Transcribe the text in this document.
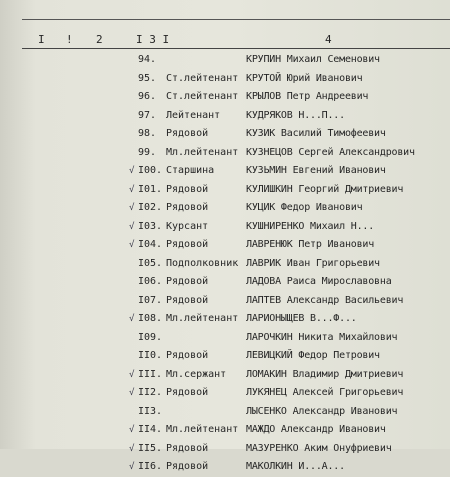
I ! 2	I 3 I	4
94.	КРУПИН Михаил Семенович
95. Ст.лейтенант КРУТОЙ Юрий Иванович
96. Ст.лейтенант КРЫЛОВ Петр Андреевич
97. Лейтенант	КУДРЯКОВ Н...П...
98. Рядовой	КУЗИК Василий Тимофеевич
99. Мл.лейтенант КУЗНЕЦОВ Сергей Александрович
√ I00. Старшина	КУЗЬМИН Евгений Иванович
√ I01. Рядовой	КУЛИШКИН Георгий Дмитриевич
√ I02. Рядовой	КУЦИК Федор Иванович
√ I03. Курсант	КУШНИРЕНКО Михаил Н...
√ I04. Рядовой	ЛАВРЕНЮК Петр Иванович
I05. Подполковник ЛАВРИК Иван Григорьевич
I06. Рядовой	ЛАДОВА Раиса Мирославовна
I07. Рядовой	ЛАПТЕВ Александр Васильевич
√ I08. Мл.лейтенант ЛАРИОНЫЩЕВ В...Ф...
I09.	ЛАРОЧКИН Никита Михайлович
II0. Рядовой	ЛЕВИЦКИЙ Федор Петрович
√ III. Мл.сержант ЛОМАКИН Владимир Дмитриевич
√ II2. Рядовой	ЛУКЯНЕЦ Алексей Григорьевич
II3.	ЛЫСЕНКО Александр Иванович
√ II4. Мл.лейтенант МАЖДО Александр Иванович
√ II5. Рядовой	МАЗУРЕНКО Аким Онуфриевич
√ II6. Рядовой	МАКОЛКИН И...А...
